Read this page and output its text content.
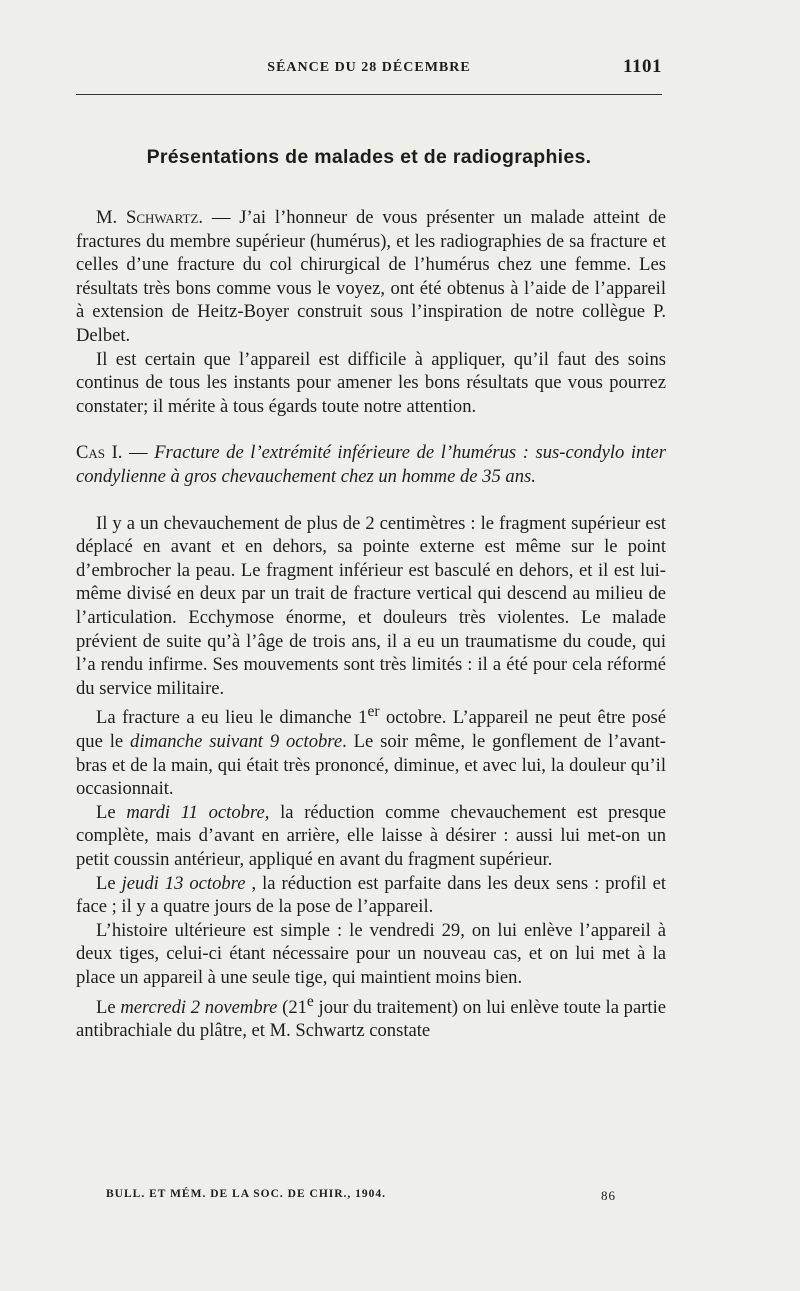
SÉANCE DU 28 DÉCEMBRE	1101
Présentations de malades et de radiographies.

M. Schwartz. — J’ai l’honneur de vous présenter un malade atteint de fractures du membre supérieur (humérus), et les radiographies de sa fracture et celles d’une fracture du col chirurgical de l’humérus chez une femme. Les résultats très bons comme vous le voyez, ont été obtenus à l’aide de l’appareil à extension de Heitz-Boyer construit sous l’inspiration de notre collègue P. Delbet.

Il est certain que l’appareil est difficile à appliquer, qu’il faut des soins continus de tous les instants pour amener les bons résultats que vous pourrez constater; il mérite à tous égards toute notre attention.

Cas I. — Fracture de l’extrémité inférieure de l’humérus : sus-condylo inter condylienne à gros chevauchement chez un homme de 35 ans.

Il y a un chevauchement de plus de 2 centimètres : le fragment supérieur est déplacé en avant et en dehors, sa pointe externe est même sur le point d’embrocher la peau. Le fragment inférieur est basculé en dehors, et il est lui-même divisé en deux par un trait de fracture vertical qui descend au milieu de l’articulation. Ecchymose énorme, et douleurs très violentes. Le malade prévient de suite qu’à l’âge de trois ans, il a eu un traumatisme du coude, qui l’a rendu infirme. Ses mouvements sont très limités : il a été pour cela réformé du service militaire.

La fracture a eu lieu le dimanche 1er octobre. L’appareil ne peut être posé que le dimanche suivant 9 octobre. Le soir même, le gonflement de l’avant-bras et de la main, qui était très prononcé, diminue, et avec lui, la douleur qu’il occasionnait.

Le mardi 11 octobre, la réduction comme chevauchement est presque complète, mais d’avant en arrière, elle laisse à désirer : aussi lui met-on un petit coussin antérieur, appliqué en avant du fragment supérieur.

Le jeudi 13 octobre , la réduction est parfaite dans les deux sens : profil et face ; il y a quatre jours de la pose de l’appareil.

L’histoire ultérieure est simple : le vendredi 29, on lui enlève l’appareil à deux tiges, celui-ci étant nécessaire pour un nouveau cas, et on lui met à la place un appareil à une seule tige, qui maintient moins bien.

Le mercredi 2 novembre (21e jour du traitement) on lui enlève toute la partie antibrachiale du plâtre, et M. Schwartz constate

BULL. ET MÉM. DE LA SOC. DE CHIR., 1904.	86
